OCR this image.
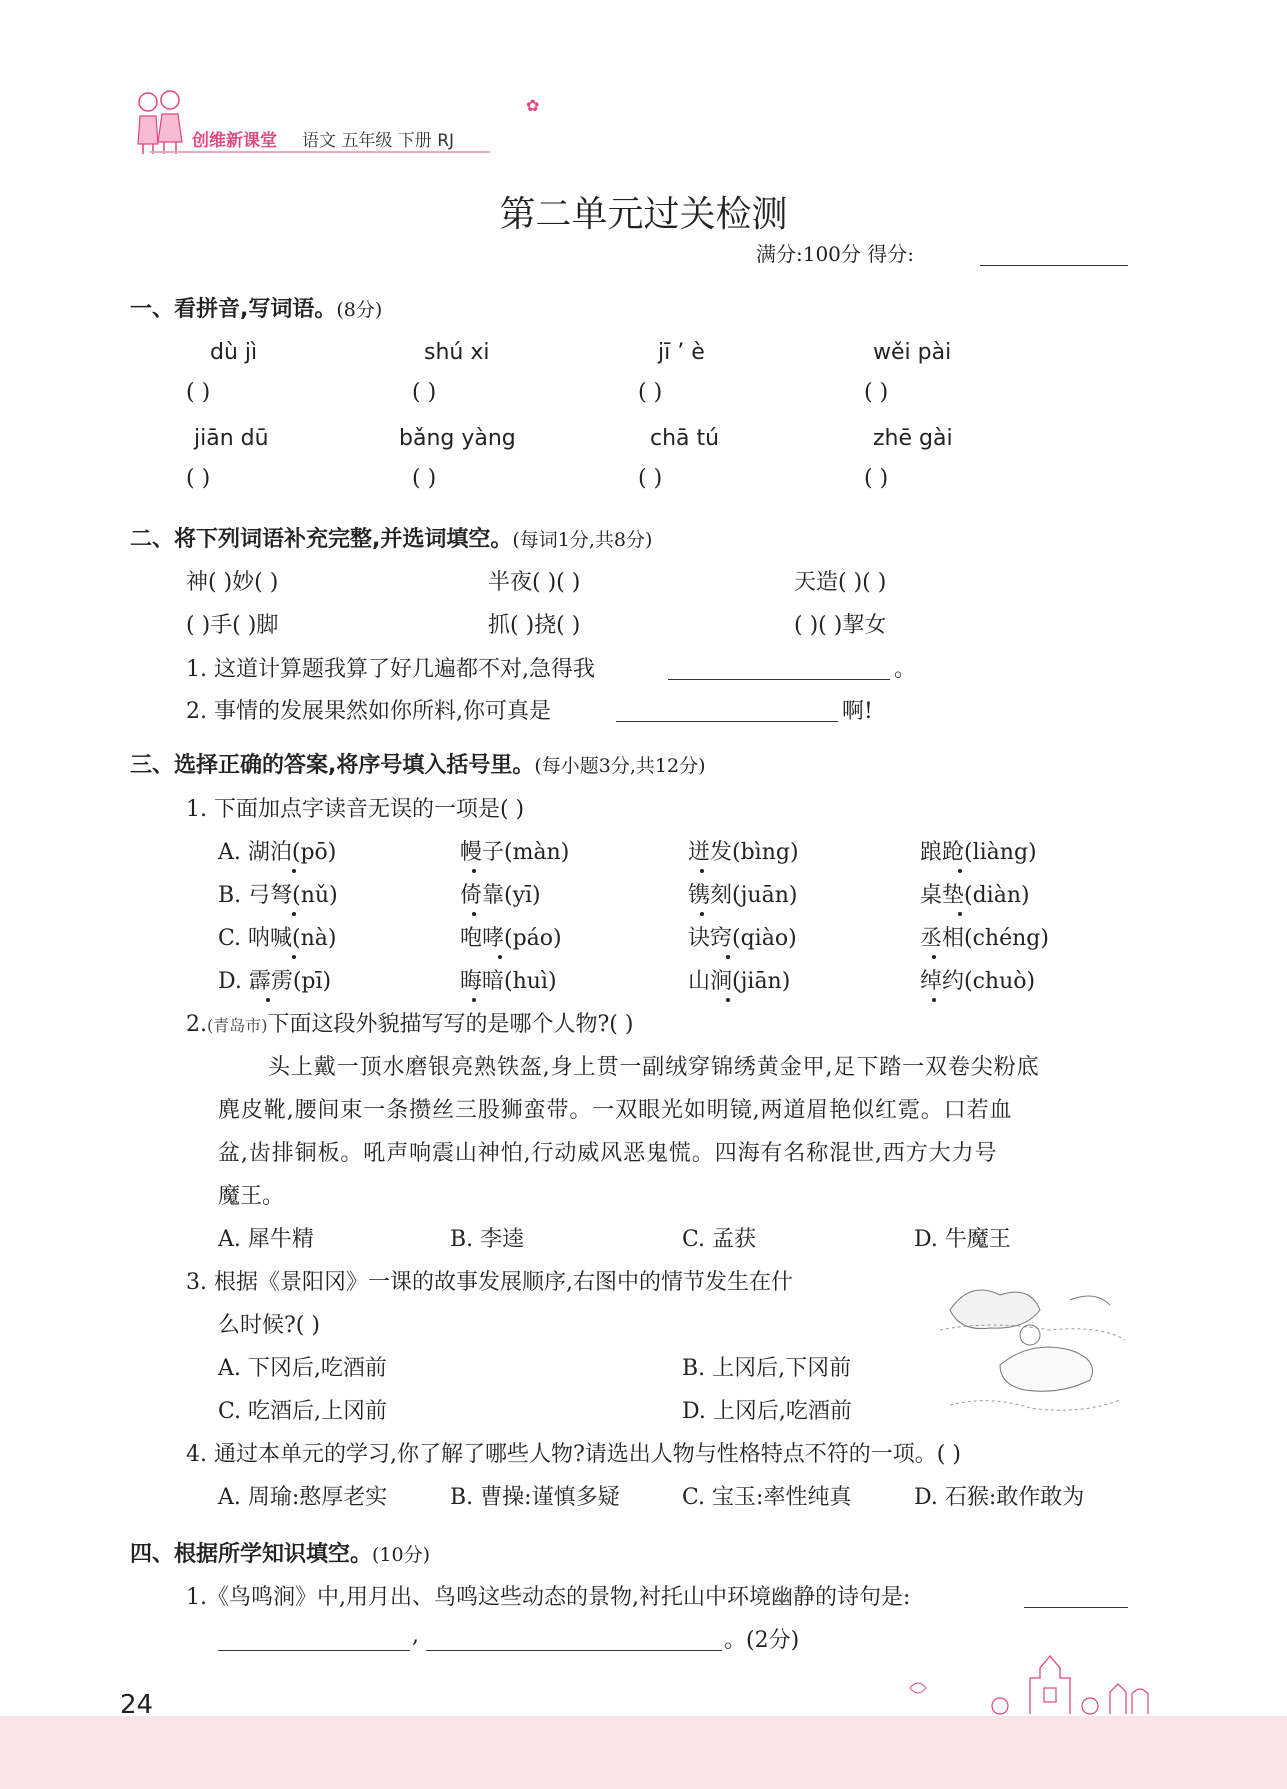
创维新课堂 语文 五年级 下册 RJ
✿
第二单元过关检测
满分:100分 得分:
一、看拼音,写词语。(8分)
dù jì	shú xi	jī ’ è	wěi pài
( )	( )	( )	( )
jiān dū	bǎng yàng	chā tú	zhē gài
( )	( )	( )	( )
二、将下列词语补充完整,并选词填空。(每词1分,共8分)
神( )妙( )	半夜( )( )	天造( )( )
( )手( )脚	抓( )挠( )	( )( )挈女
1. 这道计算题我算了好几遍都不对,急得我	。
2. 事情的发展果然如你所料,你可真是	啊!
三、选择正确的答案,将序号填入括号里。(每小题3分,共12分)
1. 下面加点字读音无误的一项是( )
A. 湖泊(pō)	幔子(màn)	迸发(bìng)	踉跄(liàng)
B. 弓弩(nǔ)	倚靠(yī)	镌刻(juān)	桌垫(diàn)
C. 呐喊(nà)	咆哮(páo)	诀窍(qiào)	丞相(chéng)
D. 霹雳(pī)	晦暗(huì)	山涧(jiān)	绰约(chuò)
2.(青岛市)下面这段外貌描写写的是哪个人物?( )
头上戴一顶水磨银亮熟铁盔,身上贯一副绒穿锦绣黄金甲,足下踏一双卷尖粉底
麂皮靴,腰间束一条攒丝三股狮蛮带。一双眼光如明镜,两道眉艳似红霓。口若血
盆,齿排铜板。吼声响震山神怕,行动威风恶鬼慌。四海有名称混世,西方大力号
魔王。
A. 犀牛精	B. 李逵	C. 孟获	D. 牛魔王
3. 根据《景阳冈》一课的故事发展顺序,右图中的情节发生在什
么时候?( )
A. 下冈后,吃酒前	B. 上冈后,下冈前
C. 吃酒后,上冈前	D. 上冈后,吃酒前
4. 通过本单元的学习,你了解了哪些人物?请选出人物与性格特点不符的一项。( )
A. 周瑜:憨厚老实	B. 曹操:谨慎多疑	C. 宝玉:率性纯真	D. 石猴:敢作敢为
四、根据所学知识填空。(10分)
1.《鸟鸣涧》中,用月出、鸟鸣这些动态的景物,衬托山中环境幽静的诗句是:
,	。(2分)
24
